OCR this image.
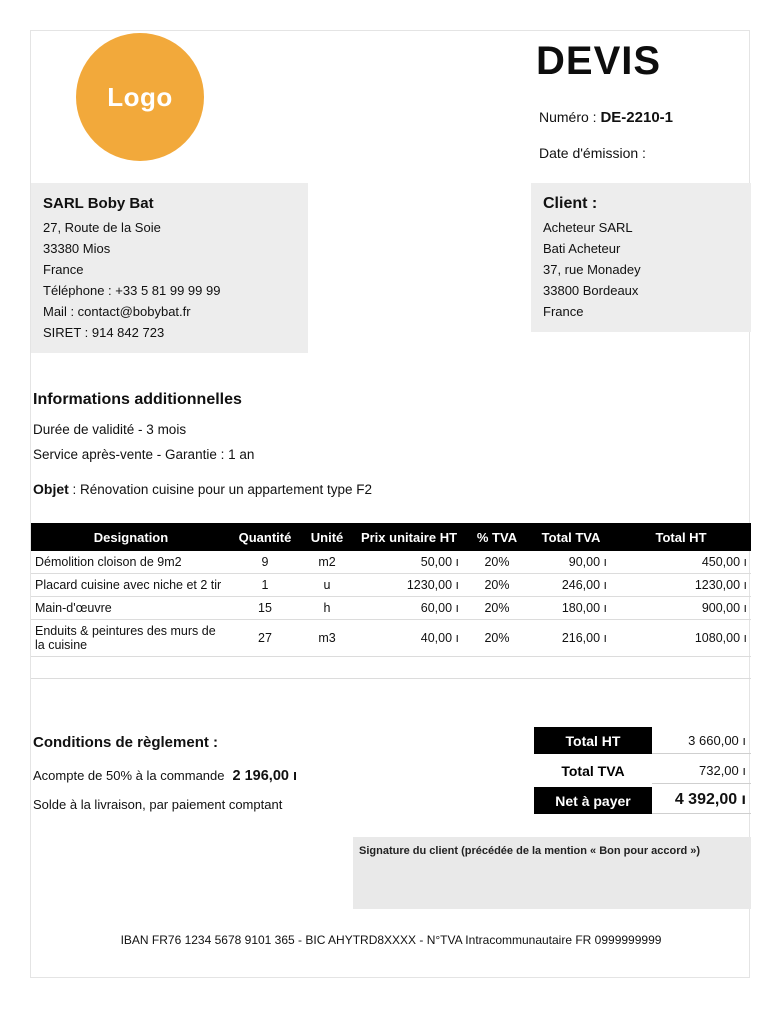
Logo
DEVIS
Numéro : DE-2210-1
Date d'émission :
SARL Boby Bat
27, Route de la Soie
33380 Mios
France
Téléphone : +33 5 81 99 99 99
Mail : contact@bobybat.fr
SIRET : 914 842 723
Client :
Acheteur SARL
Bati Acheteur
37, rue Monadey
33800 Bordeaux
France
Informations additionnelles
Durée de validité - 3 mois
Service après-vente - Garantie : 1 an
Objet : Rénovation cuisine pour un appartement type F2
Designation	Quantité	Unité	Prix unitaire HT	% TVA	Total TVA	Total HT
Démolition cloison de 9m2	9	m2	50,00 ı	20%	90,00 ı	450,00 ı
Placard cuisine avec niche et 2 tir	1	u	1230,00 ı	20%	246,00 ı	1230,00 ı
Main-d'œuvre	15	h	60,00 ı	20%	180,00 ı	900,00 ı
Enduits & peintures des murs de la cuisine	27	m3	40,00 ı	20%	216,00 ı	1080,00 ı

Conditions de règlement :
Acompte de 50% à la commande 2 196,00 ı
Solde à la livraison, par paiement comptant
Total HT	3 660,00 ı
Total TVA	732,00 ı
Net à payer	4 392,00 ı
Signature du client (précédée de la mention « Bon pour accord »)
IBAN FR76 1234 5678 9101 365 - BIC AHYTRD8XXXX - N°TVA Intracommunautaire FR 0999999999
